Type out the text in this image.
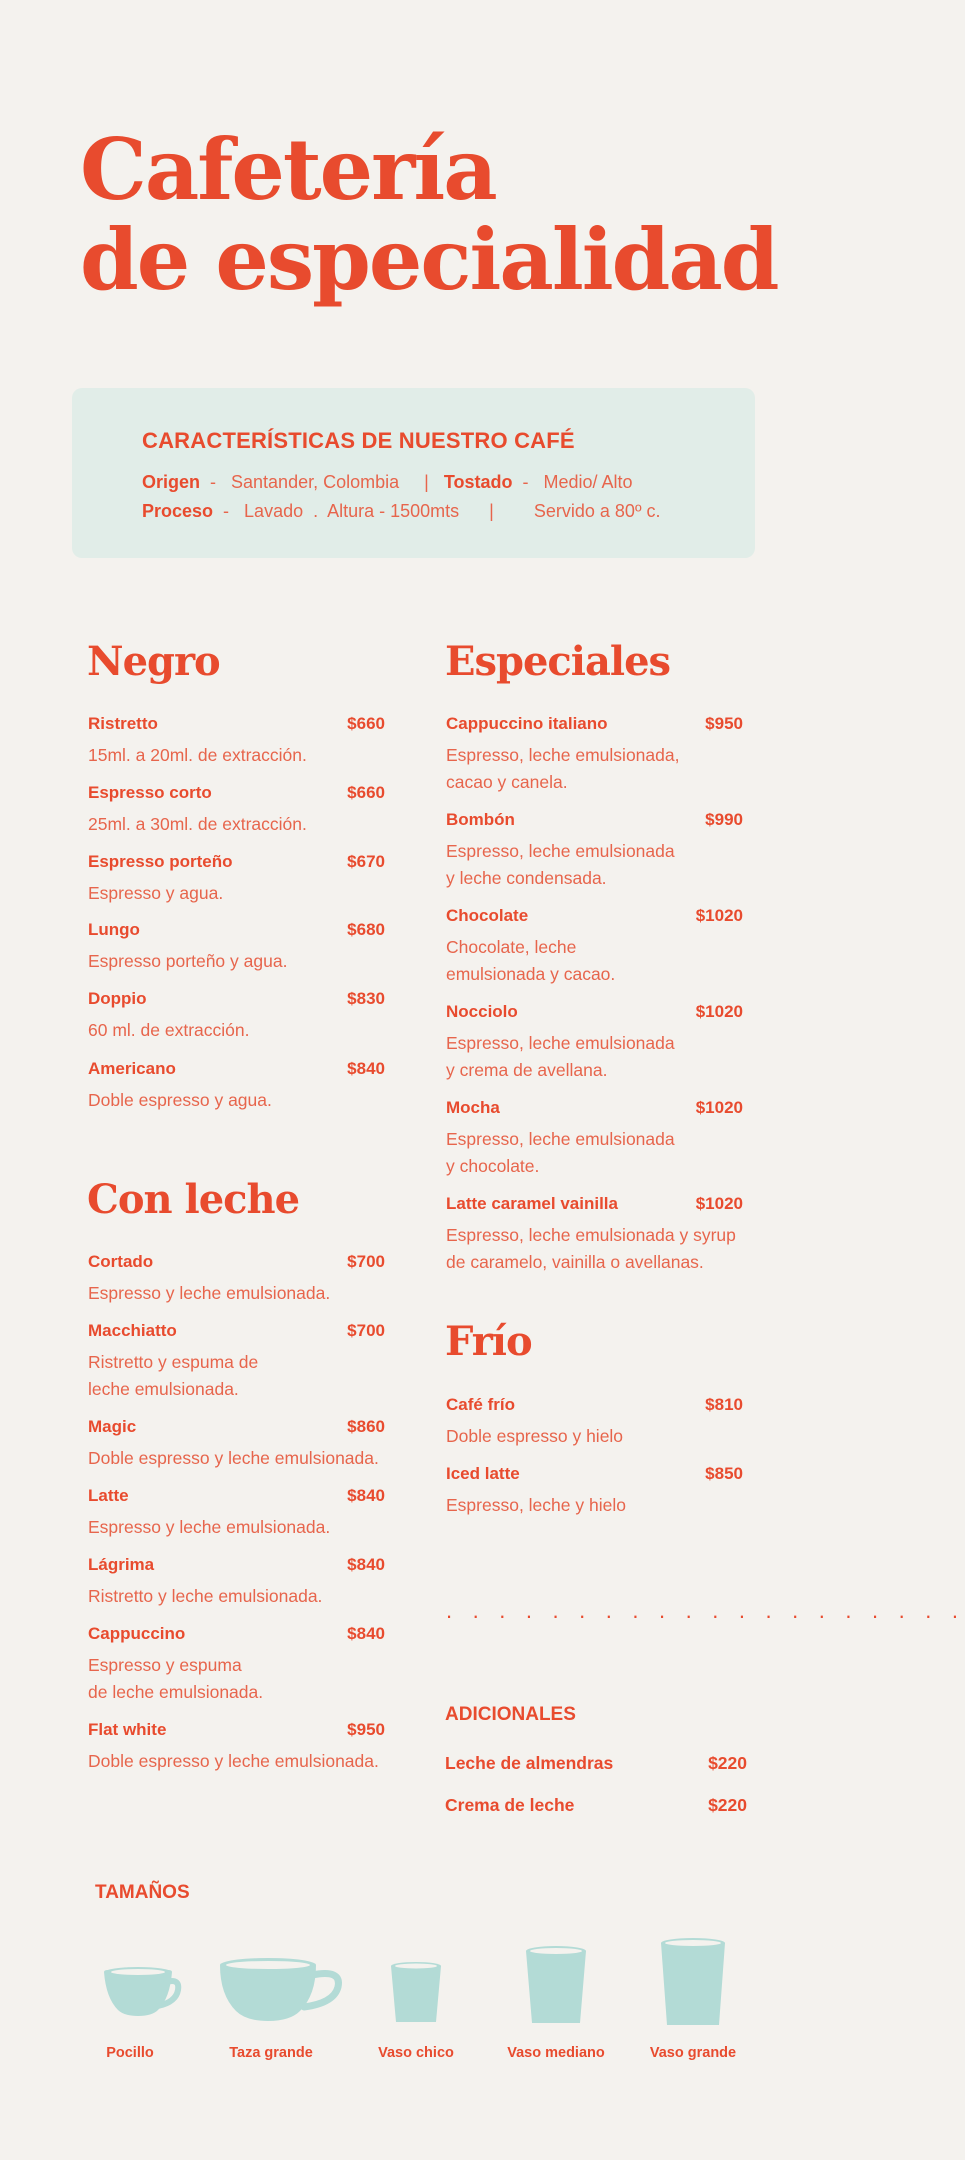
Cafetería
de especialidad
CARACTERÍSTICAS DE NUESTRO CAFÉ
Origen  -   Santander, Colombia     |   Tostado  -   Medio/ Alto
Proceso  -   Lavado  .  Altura - 1500mts      |        Servido a 80º c.
Negro
Ristretto	$660
15ml. a 20ml. de extracción.
Espresso corto	$660
25ml. a 30ml. de extracción.
Espresso porteño	$670
Espresso y agua.
Lungo	$680
Espresso porteño y agua.
Doppio	$830
60 ml. de extracción.
Americano	$840
Doble espresso y agua.
Con leche
Cortado	$700
Espresso y leche emulsionada.
Macchiatto	$700
Ristretto y espuma de
leche emulsionada.
Magic	$860
Doble espresso y leche emulsionada.
Latte	$840
Espresso y leche emulsionada.
Lágrima	$840
Ristretto y leche emulsionada.
Cappuccino	$840
Espresso y espuma
de leche emulsionada.
Flat white	$950
Doble espresso y leche emulsionada.
Especiales
Cappuccino italiano	$950
Espresso, leche emulsionada,
cacao y canela.
Bombón	$990
Espresso, leche emulsionada
y leche condensada.
Chocolate	$1020
Chocolate, leche
emulsionada y cacao.
Nocciolo	$1020
Espresso, leche emulsionada
y crema de avellana.
Mocha	$1020
Espresso, leche emulsionada
y chocolate.
Latte caramel vainilla	$1020
Espresso, leche emulsionada y syrup
de caramelo, vainilla o avellanas.
Frío
Café frío	$810
Doble espresso y hielo
Iced latte	$850
Espresso, leche y hielo
. . . . . . . . . . . . . . . . . . . .
ADICIONALES
Leche de almendras	$220
Crema de leche	$220
TAMAÑOS
Pocillo	Taza grande	Vaso chico	Vaso mediano	Vaso grande
